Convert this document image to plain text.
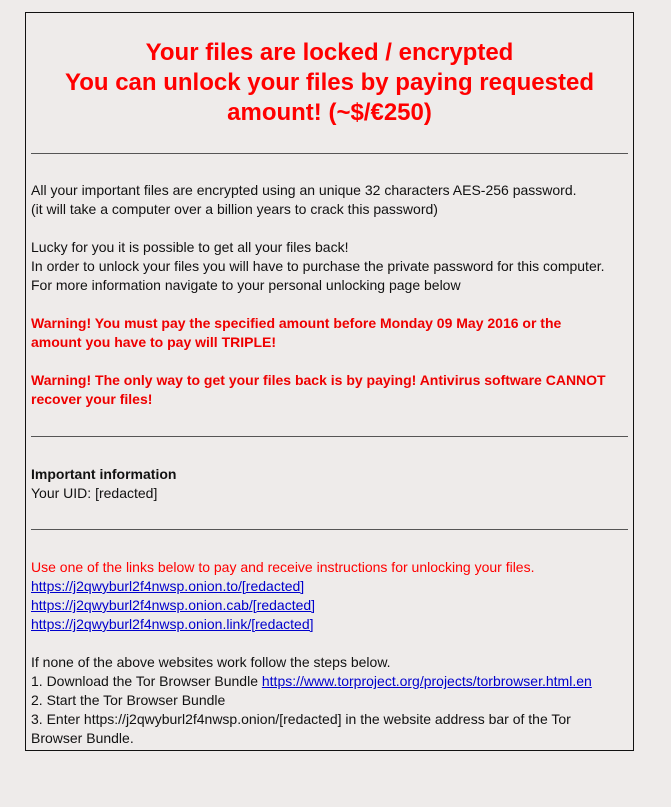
Your files are locked / encrypted
You can unlock your files by paying requested
amount! (~$/€250)
All your important files are encrypted using an unique 32 characters AES-256 password.
(it will take a computer over a billion years to crack this password)
Lucky for you it is possible to get all your files back!
In order to unlock your files you will have to purchase the private password for this computer.
For more information navigate to your personal unlocking page below
Warning! You must pay the specified amount before Monday 09 May 2016 or the
amount you have to pay will TRIPLE!
Warning! The only way to get your files back is by paying! Antivirus software CANNOT
recover your files!
Important information
Your UID: [redacted]
Use one of the links below to pay and receive instructions for unlocking your files.
https://j2qwyburl2f4nwsp.onion.to/[redacted]
https://j2qwyburl2f4nwsp.onion.cab/[redacted]
https://j2qwyburl2f4nwsp.onion.link/[redacted]
If none of the above websites work follow the steps below.
1. Download the Tor Browser Bundle https://www.torproject.org/projects/torbrowser.html.en
2. Start the Tor Browser Bundle
3. Enter https://j2qwyburl2f4nwsp.onion/[redacted] in the website address bar of the Tor
Browser Bundle.
